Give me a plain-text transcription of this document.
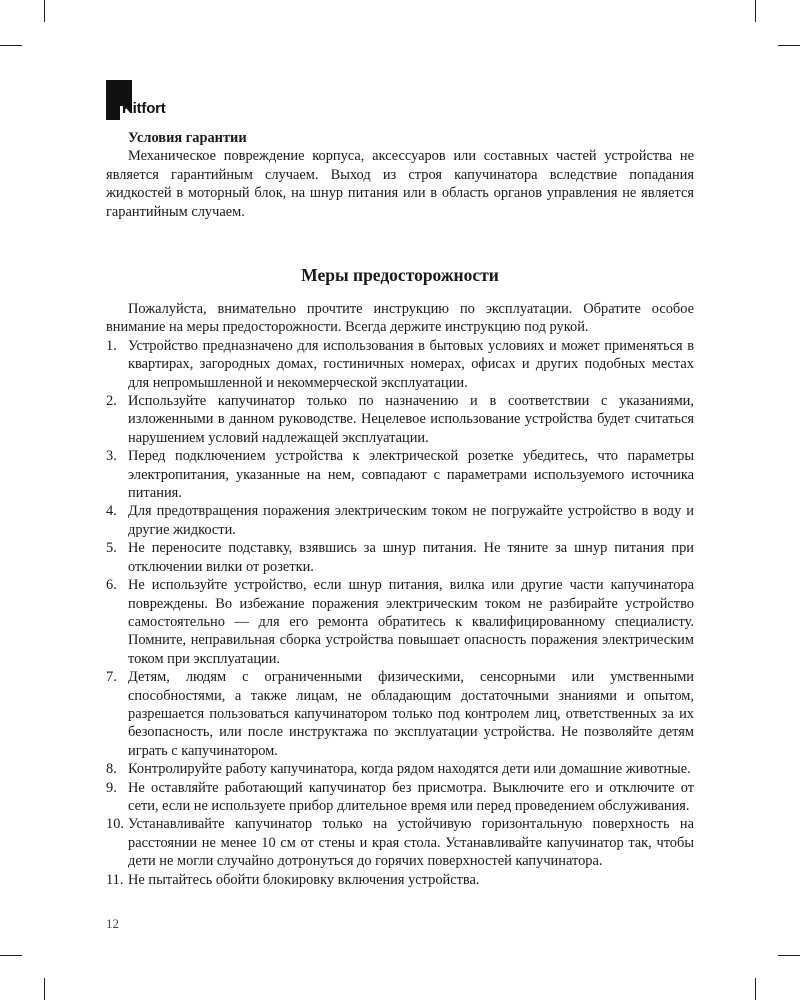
Kitfort
Условия гарантии
Механическое повреждение корпуса, аксессуаров или составных частей устройства не является гарантийным случаем. Выход из строя капучинатора вследствие попадания жидкостей в моторный блок, на шнур питания или в область органов управления не является гарантийным случаем.
Меры предосторожности
Пожалуйста, внимательно прочтите инструкцию по эксплуатации. Обратите особое внимание на меры предосторожности. Всегда держите инструкцию под рукой.
1. Устройство предназначено для использования в бытовых условиях и может применяться в квартирах, загородных домах, гостиничных номерах, офисах и других подобных местах для непромышленной и некоммерческой эксплуатации.
2. Используйте капучинатор только по назначению и в соответствии с указаниями, изложенными в данном руководстве. Нецелевое использование устройства будет считаться нарушением условий надлежащей эксплуатации.
3. Перед подключением устройства к электрической розетке убедитесь, что параметры электропитания, указанные на нем, совпадают с параметрами используемого источника питания.
4. Для предотвращения поражения электрическим током не погружайте устройство в воду и другие жидкости.
5. Не переносите подставку, взявшись за шнур питания. Не тяните за шнур питания при отключении вилки от розетки.
6. Не используйте устройство, если шнур питания, вилка или другие части капучинатора повреждены. Во избежание поражения электрическим током не разбирайте устройство самостоятельно — для его ремонта обратитесь к квалифицированному специалисту. Помните, неправильная сборка устройства повышает опасность поражения электрическим током при эксплуатации.
7. Детям, людям с ограниченными физическими, сенсорными или умственными способностями, а также лицам, не обладающим достаточными знаниями и опытом, разрешается пользоваться капучинатором только под контролем лиц, ответственных за их безопасность, или после инструктажа по эксплуатации устройства. Не позволяйте детям играть с капучинатором.
8. Контролируйте работу капучинатора, когда рядом находятся дети или домашние животные.
9. Не оставляйте работающий капучинатор без присмотра. Выключите его и отключите от сети, если не используете прибор длительное время или перед проведением обслуживания.
10. Устанавливайте капучинатор только на устойчивую горизонтальную поверхность на расстоянии не менее 10 см от стены и края стола. Устанавливайте капучинатор так, чтобы дети не могли случайно дотронуться до горячих поверхностей капучинатора.
11. Не пытайтесь обойти блокировку включения устройства.
12
